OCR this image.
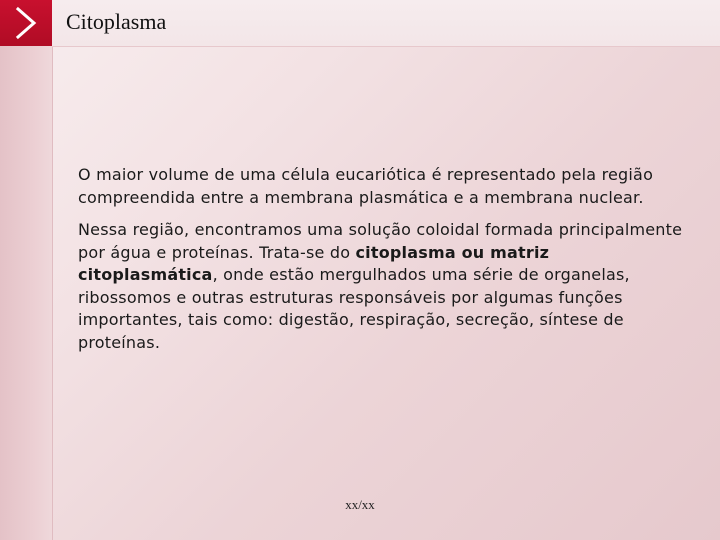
Citoplasma

O maior volume de uma célula eucariótica é representado pela região compreendida entre a membrana plasmática e a membrana nuclear.

Nessa região, encontramos uma solução coloidal formada principalmente por água e proteínas. Trata-se do citoplasma ou matriz citoplasmática, onde estão mergulhados uma série de organelas, ribossomos e outras estruturas responsáveis por algumas funções importantes, tais como: digestão, respiração, secreção, síntese de proteínas.

xx/xx
